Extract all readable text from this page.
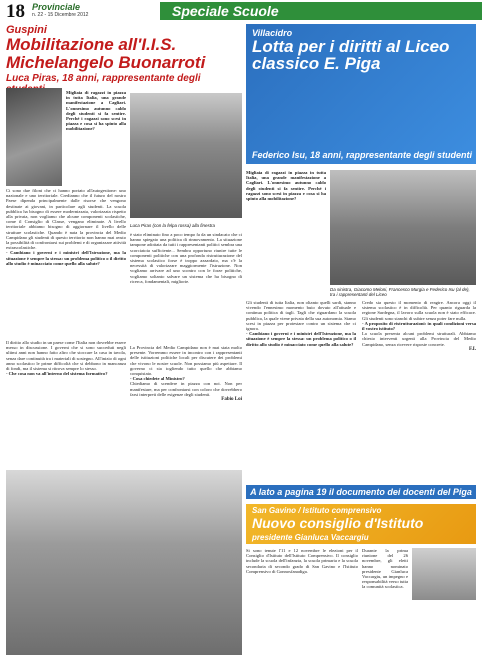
18 Provinciale
n. 22 - 15 Dicembre 2012	Speciale Scuole
Guspini
Mobilitazione all'I.I.S. Michelangelo Buonarroti
Luca Piras, 18 anni, rappresentante degli
Migliaia di ragazzi in piazza in tutta Italia, una grande manifestazione a Cagliari. L'onnesimo autunno caldo degli studenti si fa sentire. Perché i ragazzi sono scesi in piazza e cosa si ha spinto alla mobilitazione?
Luca Piras (con la felpa rossa) alla finestra
Ci sono due filoni che ci hanno portato all'autogestione: uno nazionale e uno territoriale. Credianno che il futuro del nostro Paese dipenda principalmente dalle risorse che vengono destinate ai giovani, in particolare agli studenti. La scuola pubblica ha bisogno di essere modernizzata, valorizzata rispetto alla privata, non vogliamo che alcune componenti scolastiche, come il Consiglio di Classe, vengano eliminate. A livello territoriale abbiamo bisogno di aggiornare il livello delle strutture scolastiche. Quando è nata la provincia del Medio Campidano gli studenti di questo territorio non hanno mai avuto la possibilità di confrontarsi sui problemi e di organizzare attività extrascolastiche.
- Cambiano i governi e i ministri dell'Istruzione, ma la situazione è sempre la stessa: un problema politico o il diritto allo studio è minacciato come quello alla salute?
è stato eliminato fino a poco tempo fa da un sindacato che ci hanno spiegato una politica di rinnovamento. La situazione tampone adottata da tutti i rappresentanti politici sembra una scorciatoia sufficiente... Sembra opportuno riunire tutte le componenti politiche con una profonda ristrutturazione del sistema scolastico forse è troppo azzardato, ma c'è la necessità di valorizzare maggiormente l'istruzione. Non vogliamo arrivare ad uno scontro con le forze politiche, vogliamo soltanto salvare un sistema che ha bisogno di ricerca, fondamentali, migliorie.
Il diritto allo studio in un paese come l'Italia non dovrebbe essere messo in discussione. I governi che si sono succeduti negli ultimi anni non hanno fatto altro che stoccare la casa in tavola, senza dare continuità tra i materiali di sostegno. All'inizio di ogni anno scolastico le prime difficoltà che si debbono in mancanza di fondi, ma il sistema si ritrova sempre lo stesso.
- Che cosa non va all'interno del sistema formativo?
La Provincia del Medio Campidano non è mai stata molto presente. Vorremmo essere in incontro con i rappresentanti delle istituzioni politiche locali per discutere dei problemi che vivono le nostre scuole. Non possiamo più aspettare. Il governo ci sta togliendo tutto quello che abbiamo conquistato.
- Cosa chiedete al Ministro?
Chiediamo di scendere in piazza con noi. Non per manifestare, ma per confrontarsi con coloro che dovrebbero farsi interpreti delle esigenze degli studenti.
Fabio Loi
Villacidro
Lotta per i diritti al Liceo classico E. Piga
Federico Isu, 18 anni, rappresentante degli studenti
Migliaia di ragazzi in piazza in tutta Italia, una grande manifestazione a Cagliari. L'onnesimo autunno caldo degli studenti si fa sentire. Perché i ragazzi sono scesi in piazza e cosa si ha spinto alla mobilitazione?
Da sinistra, Giacomo Meloni, Francesco Murgia e Federico Isu (al de), tra i rappresentanti del Liceo
Gli studenti di tutta Italia, non oltanto quelli sardi, stanno vivendo l'ennesimo momento buio dovuto all'attuale e continua politica di tagli. Tagli che riguardano la scuola pubblica, la quale viene privata della sua autonomia. Siamo scesi in piazza per protestare contro un sistema che ci ignora.
- Cambiano i governi e i ministri dell'Istruzione, ma la situazione è sempre la stessa: un problema politico o il diritto allo studio è minacciato come quello alla salute?
Credo sia questo il momento di reagire. Ancora oggi il sistema scolastico è in difficoltà. Per quanto riguarda la regione Sardegna, il lavoro sulla scuola non è stato efficace. Gli studenti sono stanchi di subire senza poter fare nulla.
- A proposito di ristrutturazioni: in quali condizioni versa il vostro istituto?
La scuola presenta alcuni problemi strutturali. Abbiamo chiesto interventi urgenti alla Provincia del Medio Campidano, senza ricevere risposte concrete.
F.I.
A lato a pagina 19 il documento dei docenti del Piga
San Gavino / Istituto comprensivo
Nuovo consiglio d'Istituto
presidente Gianluca Vaccargiu
Si sono tenute l'11 e 12 novembre le elezioni per il Consiglio d'Istituto dell'Istituto Comprensivo. Il consiglio include la scuola dell'infanzia, la scuola primaria e la scuola secondaria di secondo grado di San Gavino e l'Istituto Comprensivo di Gonnosfanadiga.
Durante la prima riunione del 26 novembre, gli eletti hanno nominato presidente Gianluca Vaccargiu, un impegno e responsabilità verso tutta la comunità scolastica.
